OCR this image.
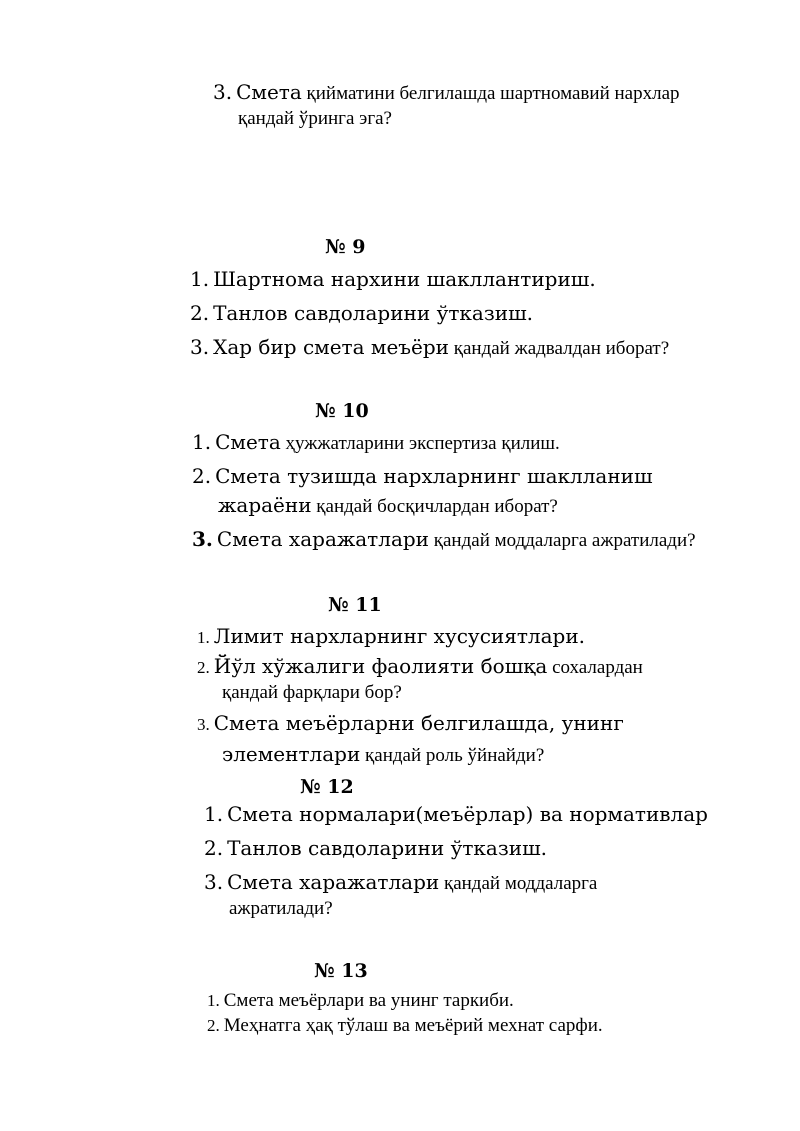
3. Смета қийматини белгилашда шартномавий нархлар
қандай ўринга эга?
№ 9
1. Шартнома нархини шакллантириш.
2. Танлов савдоларини ўтказиш.
3. Хар бир смета меъёри қандай жадвалдан иборат?
№ 10
1. Смета ҳужжатларини экспертиза қилиш.
2. Смета тузишда нархларнинг шаклланиш
жараёни қандай босқичлардан иборат?
3. Смета харажатлари қандай моддаларга ажратилади?
№ 11
1. Лимит нархларнинг хусусиятлари.
2. Йўл хўжалиги фаолияти бошқа сохалардан
қандай фарқлари бор?
3. Смета меъёрларни белгилашда, унинг
элементлари қандай роль ўйнайди?
№ 12
1. Смета нормалари(меъёрлар) ва нормативлар
2. Танлов савдоларини ўтказиш.
3. Смета харажатлари қандай моддаларга
ажратилади?
№ 13
1. Смета меъёрлари ва унинг таркиби.
2. Меҳнатга ҳақ тўлаш ва меъёрий мехнат сарфи.
